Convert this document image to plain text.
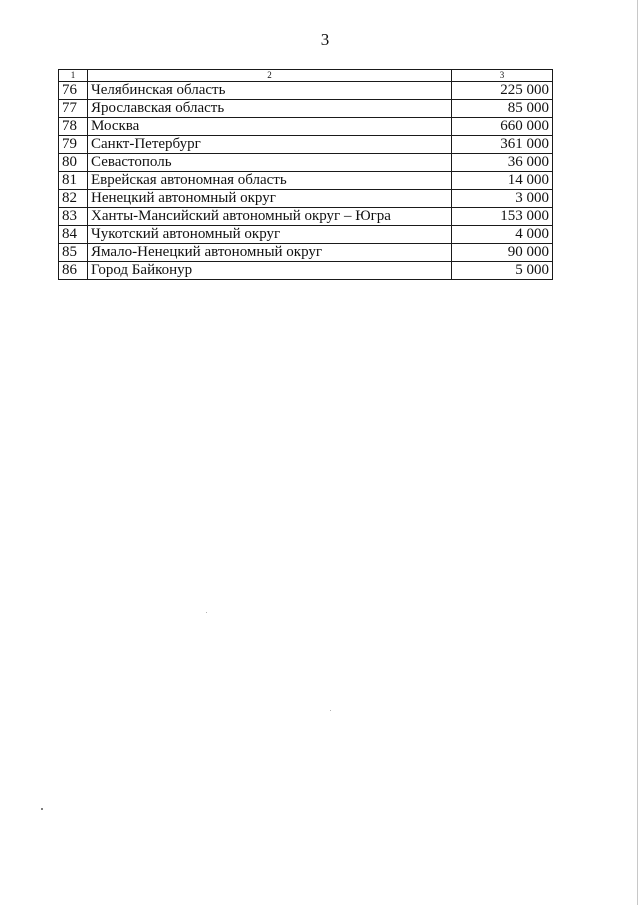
3
1	2	3
76	Челябинская область	225 000
77	Ярославская область	85 000
78	Москва	660 000
79	Санкт-Петербург	361 000
80	Севастополь	36 000
81	Еврейская автономная область	14 000
82	Ненецкий автономный округ	3 000
83	Ханты-Мансийский автономный округ – Югра	153 000
84	Чукотский автономный округ	4 000
85	Ямало-Ненецкий автономный округ	90 000
86	Город Байконур	5 000
